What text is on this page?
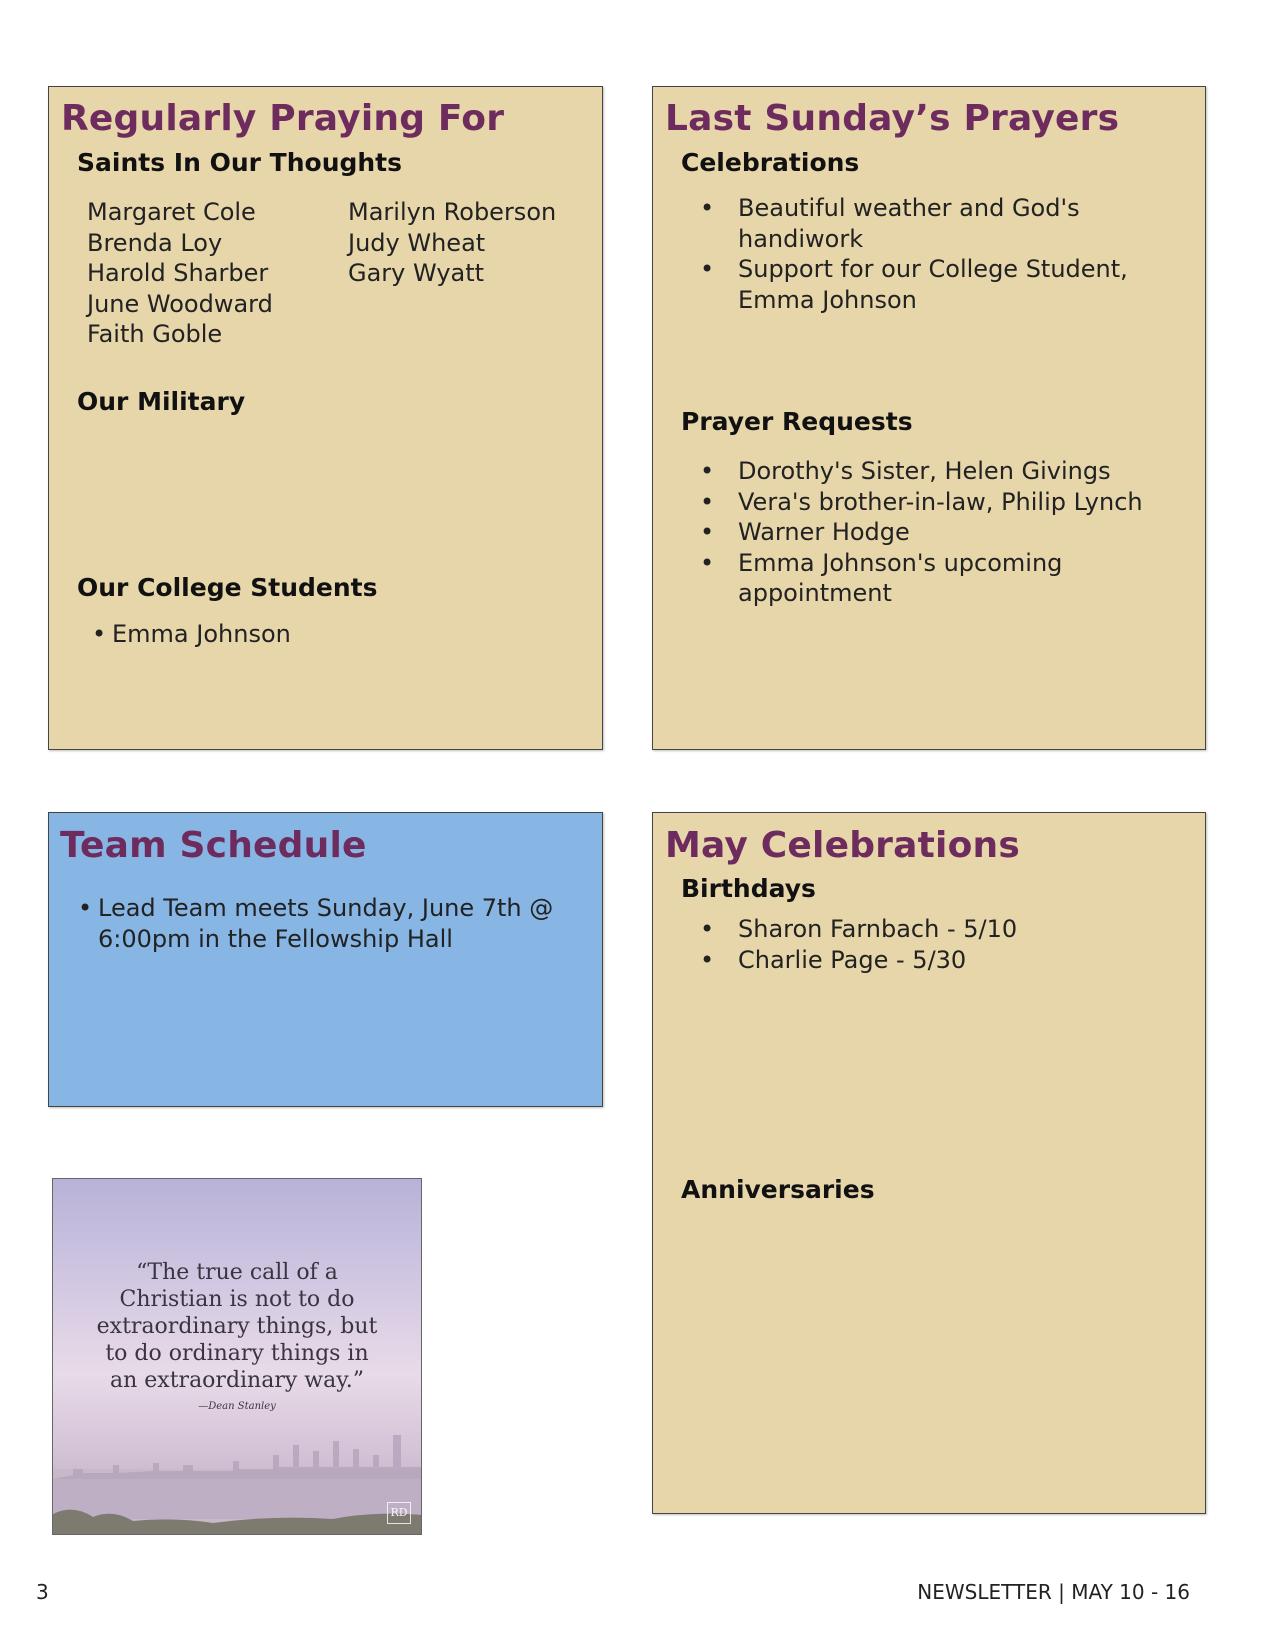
Regularly Praying For
Saints In Our Thoughts
Margaret Cole
Brenda Loy
Harold Sharber
June Woodward
Faith Goble
Marilyn Roberson
Judy Wheat
Gary Wyatt
Our Military
Our College Students
• Emma Johnson
Last Sunday’s Prayers
Celebrations
• Beautiful weather and God's handiwork
• Support for our College Student, Emma Johnson
Prayer Requests
• Dorothy's Sister, Helen Givings
• Vera's brother-in-law, Philip Lynch
• Warner Hodge
• Emma Johnson's upcoming appointment
Team Schedule
• Lead Team meets Sunday, June 7th @ 6:00pm in the Fellowship Hall
May Celebrations
Birthdays
• Sharon Farnbach - 5/10
• Charlie Page - 5/30
Anniversaries
“The true call of a
Christian is not to do
extraordinary things, but
to do ordinary things in
an extraordinary way.”
—Dean Stanley
RD
3	NEWSLETTER | MAY 10 - 16
